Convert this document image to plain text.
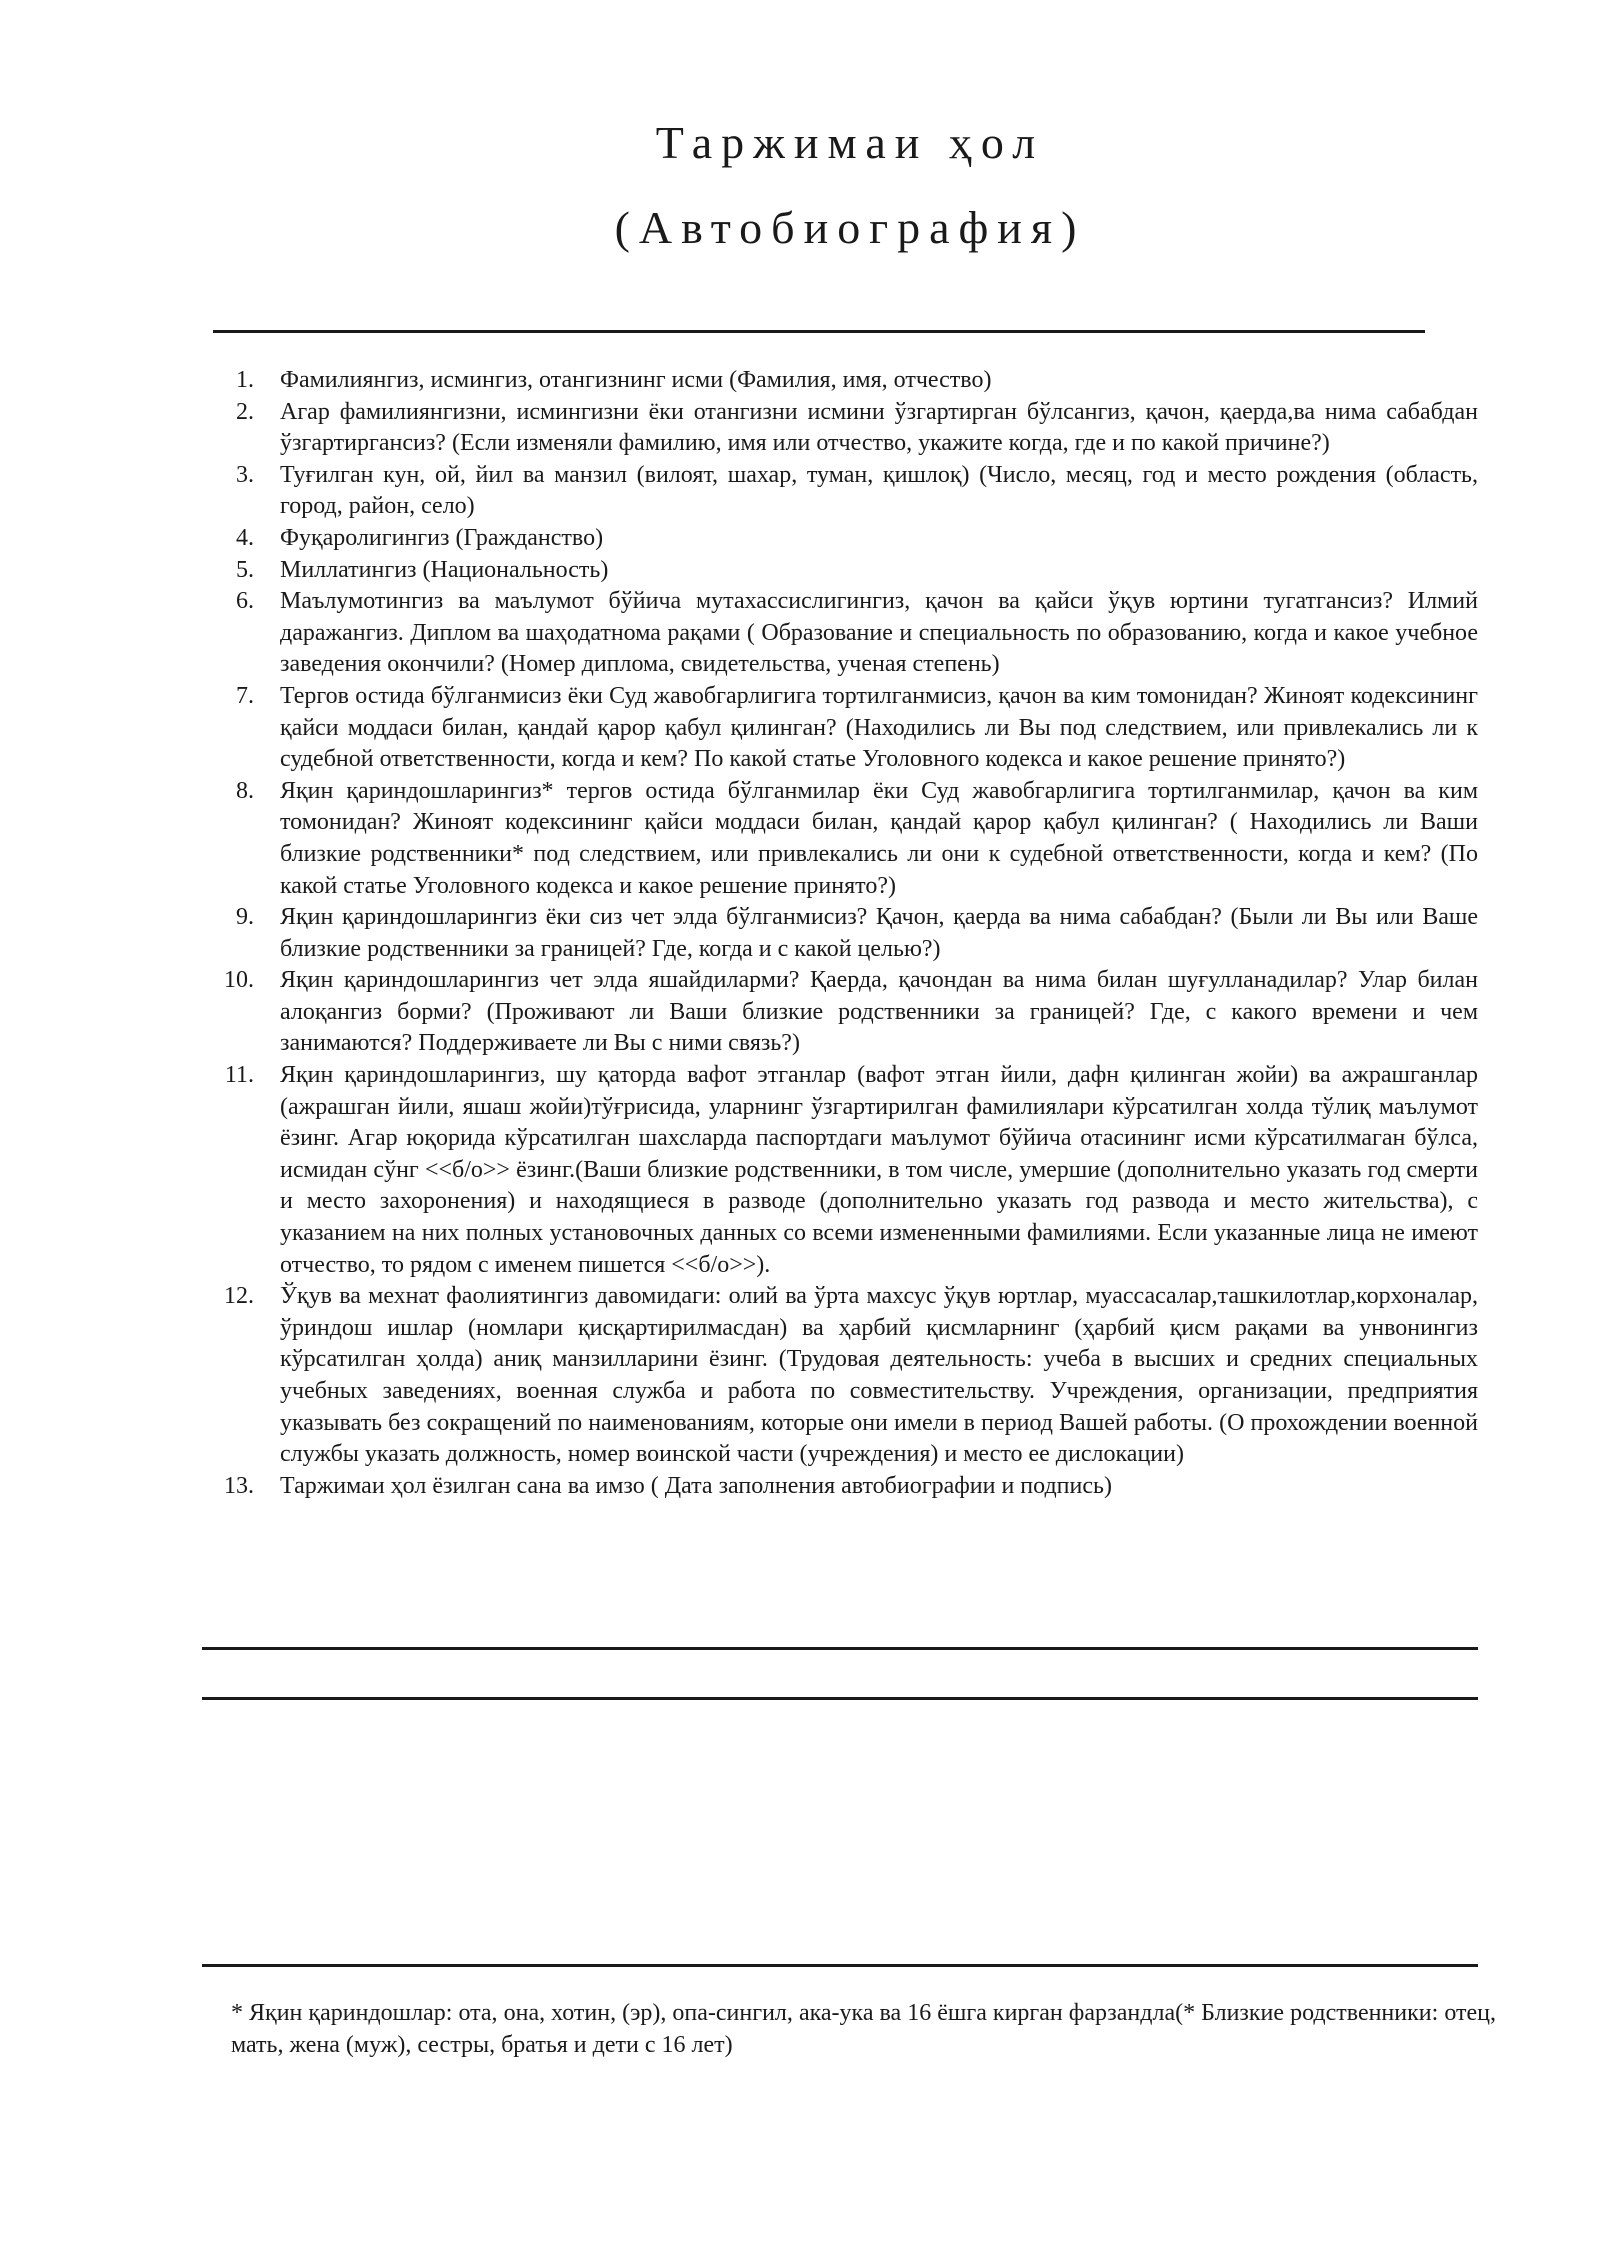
Таржимаи ҳол
(Автобиография)
1. Фамилиянгиз, исмингиз, отангизнинг исми (Фамилия, имя, отчество)
2. Агар фамилиянгизни, исмингизни ёки отангизни исмини ўзгартирган бўлсангиз, қачон, қаерда,ва нима сабабдан ўзгартиргансиз? (Если изменяли фамилию, имя или отчество, укажите когда, где и по какой причине?)
3. Туғилган кун, ой, йил ва манзил (вилоят, шахар, туман, қишлоқ) (Число, месяц, год и место рождения (область, город, район, село)
4. Фуқаролигингиз (Гражданство)
5. Миллатингиз (Национальность)
6. Маълумотингиз ва маълумот бўйича мутахассислигингиз, қачон ва қайси ўқув юртини тугатгансиз? Илмий даражангиз. Диплом ва шаҳодатнома рақами ( Образование и специальность по образованию, когда и какое учебное заведения окончили? (Номер диплома, свидетельства, ученая степень)
7. Тергов остида бўлганмисиз ёки Суд жавобгарлигига тортилганмисиз, қачон ва ким томонидан? Жиноят кодексининг қайси моддаси билан, қандай қарор қабул қилинган? (Находились ли Вы под следствием, или привлекались ли к судебной ответственности, когда и кем? По какой статье Уголовного кодекса и какое решение принято?)
8. Яқин қариндошларингиз* тергов остида бўлганмилар ёки Суд жавобгарлигига тортилганмилар, қачон ва ким томонидан? Жиноят кодексининг қайси моддаси билан, қандай қарор қабул қилинган? ( Находились ли Ваши близкие родственники* под следствием, или привлекались ли они к судебной ответственности, когда и кем? (По какой статье Уголовного кодекса и какое решение принято?)
9. Яқин қариндошларингиз ёки сиз чет элда бўлганмисиз? Қачон, қаерда ва нима сабабдан? (Были ли Вы или Ваше близкие родственники за границей? Где, когда и с какой целью?)
10. Яқин қариндошларингиз чет элда яшайдиларми? Қаерда, қачондан ва нима билан шуғулланадилар? Улар билан алоқангиз борми? (Проживают ли Ваши близкие родственники за границей? Где, с какого времени и чем занимаются? Поддерживаете ли Вы с ними связь?)
11. Яқин қариндошларингиз, шу қаторда вафот этганлар (вафот этган йили, дафн қилинган жойи) ва ажрашганлар (ажрашган йили, яшаш жойи)тўғрисида, уларнинг ўзгартирилган фамилиялари кўрсатилган холда тўлиқ маълумот ёзинг. Агар юқорида кўрсатилган шахсларда паспортдаги маълумот бўйича отасининг исми кўрсатилмаган бўлса, исмидан сўнг <<б/о>> ёзинг.(Ваши близкие родственники, в том числе, умершие (дополнительно указать год смерти и место захоронения) и находящиеся в разводе (дополнительно указать год развода и место жительства), с указанием на них полных установочных данных со всеми измененными фамилиями. Если указанные лица не имеют отчество, то рядом с именем пишется <<б/о>>).
12. Ўқув ва мехнат фаолиятингиз давомидаги: олий ва ўрта махсус ўқув юртлар, муассасалар,ташкилотлар,корхоналар, ўриндош ишлар (номлари қисқартирилмасдан) ва ҳарбий қисмларнинг (ҳарбий қисм рақами ва унвонингиз кўрсатилган ҳолда) аниқ манзилларини ёзинг. (Трудовая деятельность: учеба в высших и средних специальных учебных заведениях, военная служба и работа по совместительству. Учреждения, организации, предприятия указывать без сокращений по наименованиям, которые они имели в период Вашей работы. (О прохождении военной службы указать должность, номер воинской части (учреждения) и место ее дислокации)
13. Таржимаи ҳол ёзилган сана ва имзо ( Дата заполнения автобиографии и подпись)

* Яқин қариндошлар: ота, она, хотин, (эр), опа-сингил, ака-ука ва 16 ёшга кирган фарзандла(* Близкие родственники: отец, мать, жена (муж), сестры, братья и дети с 16 лет)
